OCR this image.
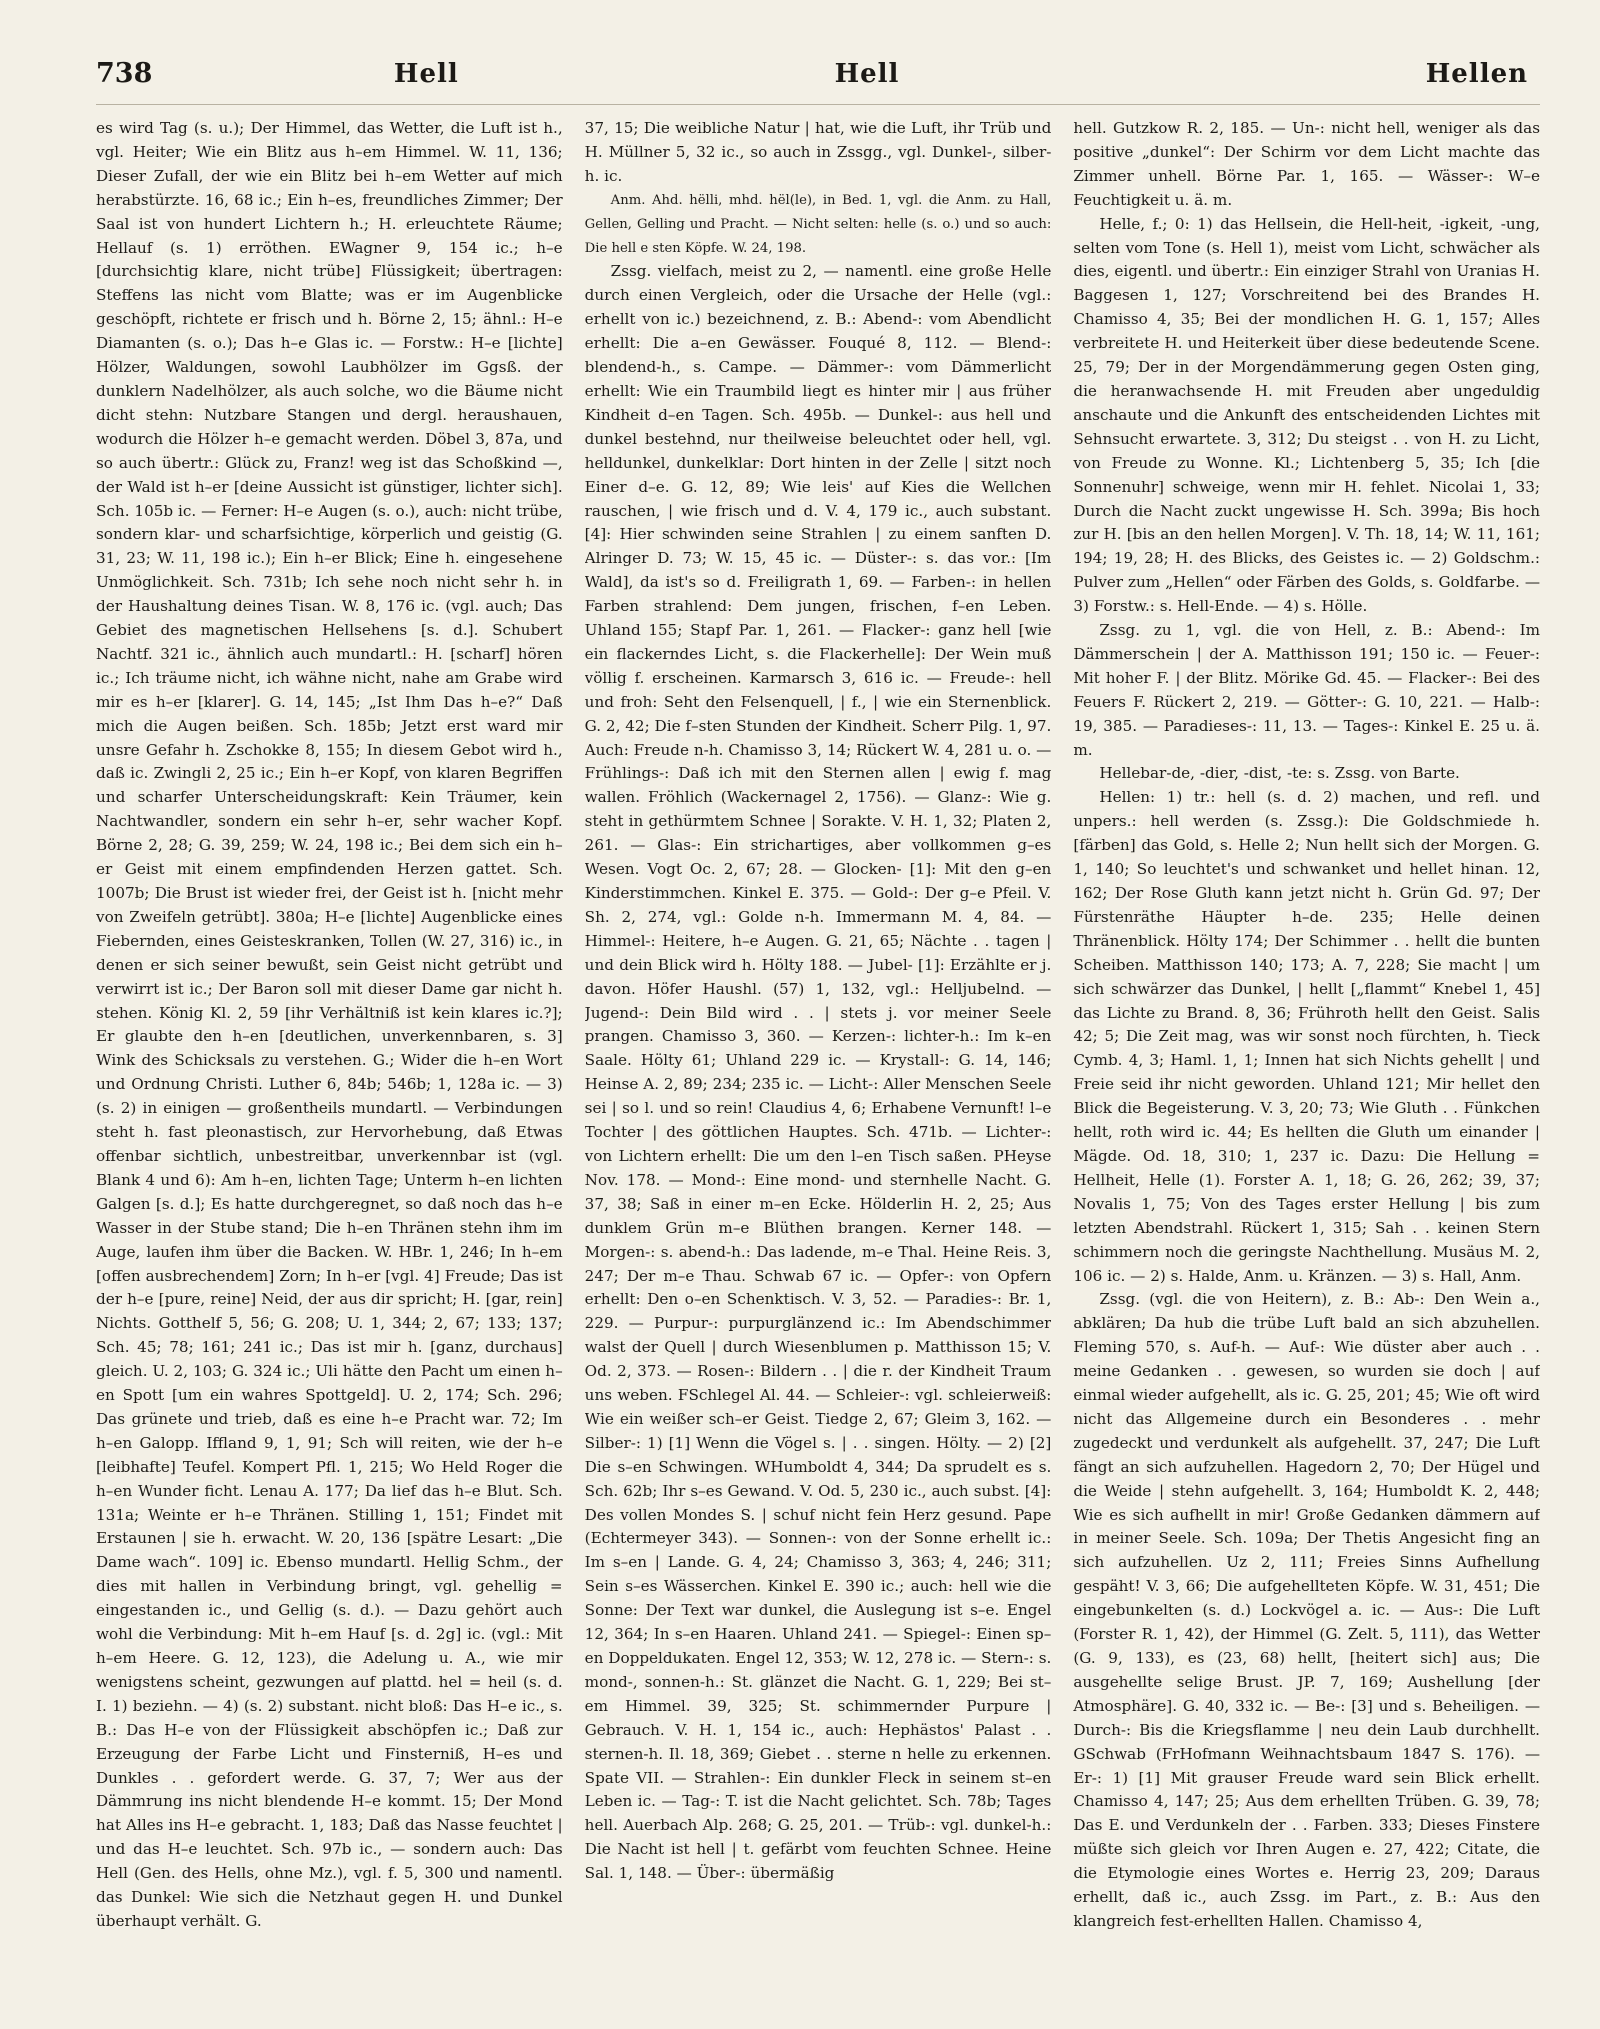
738	Hell	Hell	Hellen

es wird Tag (s. u.); Der Himmel, das Wetter, die Luft ist h., vgl. Heiter; Wie ein Blitz aus h–em Himmel. W. 11, 136; Dieser Zufall, der wie ein Blitz bei h–em Wetter auf mich herabstürzte. 16, 68 ic.; Ein h–es, freundliches Zimmer; Der Saal ist von hundert Lichtern h.; H. erleuchtete Räume; Hellauf (s. 1) erröthen. EWagner 9, 154 ic.; h–e [durchsichtig klare, nicht trübe] Flüssigkeit; übertragen: Steffens las nicht vom Blatte; was er im Augenblicke geschöpft, richtete er frisch und h. Börne 2, 15; ähnl.: H–e Diamanten (s. o.); Das h–e Glas ic. — Forstw.: H–e [lichte] Hölzer, Waldungen, sowohl Laubhölzer im Ggsß. der dunklern Nadelhölzer, als auch solche, wo die Bäume nicht dicht stehn: Nutzbare Stangen und dergl. heraushauen, wodurch die Hölzer h–e gemacht werden. Döbel 3, 87a, und so auch übertr.: Glück zu, Franz! weg ist das Schoßkind —, der Wald ist h–er [deine Aussicht ist günstiger, lichter sich]. Sch. 105b ic. — Ferner: H–e Augen (s. o.), auch: nicht trübe, sondern klar- und scharfsichtige, körperlich und geistig (G. 31, 23; W. 11, 198 ic.); Ein h–er Blick; Eine h. eingesehene Unmöglichkeit. Sch. 731b; Ich sehe noch nicht sehr h. in der Haushaltung deines Tisan. W. 8, 176 ic. (vgl. auch; Das Gebiet des magnetischen Hellsehens [s. d.]. Schubert Nachtf. 321 ic., ähnlich auch mundartl.: H. [scharf] hören ic.; Ich träume nicht, ich wähne nicht, nahe am Grabe wird mir es h–er [klarer]. G. 14, 145; „Ist Ihm Das h–e?“ Daß mich die Augen beißen. Sch. 185b; Jetzt erst ward mir unsre Gefahr h. Zschokke 8, 155; In diesem Gebot wird h., daß ic. Zwingli 2, 25 ic.; Ein h–er Kopf, von klaren Begriffen und scharfer Unterscheidungskraft: Kein Träumer, kein Nachtwandler, sondern ein sehr h–er, sehr wacher Kopf. Börne 2, 28; G. 39, 259; W. 24, 198 ic.; Bei dem sich ein h–er Geist mit einem empfindenden Herzen gattet. Sch. 1007b; Die Brust ist wieder frei, der Geist ist h. [nicht mehr von Zweifeln getrübt]. 380a; H–e [lichte] Augenblicke eines Fiebernden, eines Geisteskranken, Tollen (W. 27, 316) ic., in denen er sich seiner bewußt, sein Geist nicht getrübt und verwirrt ist ic.; Der Baron soll mit dieser Dame gar nicht h. stehen. König Kl. 2, 59 [ihr Verhältniß ist kein klares ic.?]; Er glaubte den h–en [deutlichen, unverkennbaren, s. 3] Wink des Schicksals zu verstehen. G.; Wider die h–en Wort und Ordnung Christi. Luther 6, 84b; 546b; 1, 128a ic. — 3) (s. 2) in einigen — großentheils mundartl. — Verbindungen steht h. fast pleonastisch, zur Hervorhebung, daß Etwas offenbar sichtlich, unbestreitbar, unverkennbar ist (vgl. Blank 4 und 6): Am h–en, lichten Tage; Unterm h–en lichten Galgen [s. d.]; Es hatte durchgeregnet, so daß noch das h–e Wasser in der Stube stand; Die h–en Thränen stehn ihm im Auge, laufen ihm über die Backen. W. HBr. 1, 246; In h–em [offen ausbrechendem] Zorn; In h–er [vgl. 4] Freude; Das ist der h–e [pure, reine] Neid, der aus dir spricht; H. [gar, rein] Nichts. Gotthelf 5, 56; G. 208; U. 1, 344; 2, 67; 133; 137; Sch. 45; 78; 161; 241 ic.; Das ist mir h. [ganz, durchaus] gleich. U. 2, 103; G. 324 ic.; Uli hätte den Pacht um einen h–en Spott [um ein wahres Spottgeld]. U. 2, 174; Sch. 296; Das grünete und trieb, daß es eine h–e Pracht war. 72; Im h–en Galopp. Iffland 9, 1, 91; Sch will reiten, wie der h–e [leibhafte] Teufel. Kompert Pfl. 1, 215; Wo Held Roger die h–en Wunder ficht. Lenau A. 177; Da lief das h–e Blut. Sch. 131a; Weinte er h–e Thränen. Stilling 1, 151; Findet mit Erstaunen | sie h. erwacht. W. 20, 136 [spätre Lesart: „Die Dame wach“. 109] ic. Ebenso mundartl. Hellig Schm., der dies mit hallen in Verbindung bringt, vgl. gehellig = eingestanden ic., und Gellig (s. d.). — Dazu gehört auch wohl die Verbindung: Mit h–em Hauf [s. d. 2g] ic. (vgl.: Mit h–em Heere. G. 12, 123), die Adelung u. A., wie mir wenigstens scheint, gezwungen auf plattd. hel = heil (s. d. I. 1) beziehn. — 4) (s. 2) substant. nicht bloß: Das H–e ic., s. B.: Das H–e von der Flüssigkeit abschöpfen ic.; Daß zur Erzeugung der Farbe Licht und Finsterniß, H–es und Dunkles . . gefordert werde. G. 37, 7; Wer aus der Dämmrung ins nicht blendende H–e kommt. 15; Der Mond hat Alles ins H–e gebracht. 1, 183; Daß das Nasse feuchtet | und das H–e leuchtet. Sch. 97b ic., — sondern auch: Das Hell (Gen. des Hells, ohne Mz.), vgl. f. 5, 300 und namentl. das Dunkel: Wie sich die Netzhaut gegen H. und Dunkel überhaupt verhält. G.

37, 15; Die weibliche Natur | hat, wie die Luft, ihr Trüb und H. Müllner 5, 32 ic., so auch in Zssgg., vgl. Dunkel-, silber-h. ic.

Anm. Ahd. hëlli, mhd. hël(le), in Bed. 1, vgl. die Anm. zu Hall, Gellen, Gelling und Pracht. — Nicht selten: helle (s. o.) und so auch: Die hell e sten Köpfe. W. 24, 198.

Zssg. vielfach, meist zu 2, — namentl. eine große Helle durch einen Vergleich, oder die Ursache der Helle (vgl.: erhellt von ic.) bezeichnend, z. B.: Abend-: vom Abendlicht erhellt: Die a–en Gewässer. Fouqué 8, 112. — Blend-: blendend-h., s. Campe. — Dämmer-: vom Dämmerlicht erhellt: Wie ein Traumbild liegt es hinter mir | aus früher Kindheit d–en Tagen. Sch. 495b. — Dunkel-: aus hell und dunkel bestehnd, nur theilweise beleuchtet oder hell, vgl. helldunkel, dunkelklar: Dort hinten in der Zelle | sitzt noch Einer d–e. G. 12, 89; Wie leis' auf Kies die Wellchen rauschen, | wie frisch und d. V. 4, 179 ic., auch substant. [4]: Hier schwinden seine Strahlen | zu einem sanften D. Alringer D. 73; W. 15, 45 ic. — Düster-: s. das vor.: [Im Wald], da ist's so d. Freiligrath 1, 69. — Farben-: in hellen Farben strahlend: Dem jungen, frischen, f–en Leben. Uhland 155; Stapf Par. 1, 261. — Flacker-: ganz hell [wie ein flackerndes Licht, s. die Flackerhelle]: Der Wein muß völlig f. erscheinen. Karmarsch 3, 616 ic. — Freude-: hell und froh: Seht den Felsenquell, | f., | wie ein Sternenblick. G. 2, 42; Die f–sten Stunden der Kindheit. Scherr Pilg. 1, 97. Auch: Freude n-h. Chamisso 3, 14; Rückert W. 4, 281 u. o. — Frühlings-: Daß ich mit den Sternen allen | ewig f. mag wallen. Fröhlich (Wackernagel 2, 1756). — Glanz-: Wie g. steht in gethürmtem Schnee | Sorakte. V. H. 1, 32; Platen 2, 261. — Glas-: Ein strichartiges, aber vollkommen g–es Wesen. Vogt Oc. 2, 67; 28. — Glocken- [1]: Mit den g–en Kinderstimmchen. Kinkel E. 375. — Gold-: Der g–e Pfeil. V. Sh. 2, 274, vgl.: Golde n-h. Immermann M. 4, 84. — Himmel-: Heitere, h–e Augen. G. 21, 65; Nächte . . tagen | und dein Blick wird h. Hölty 188. — Jubel- [1]: Erzählte er j. davon. Höfer Haushl. (57) 1, 132, vgl.: Helljubelnd. — Jugend-: Dein Bild wird . . | stets j. vor meiner Seele prangen. Chamisso 3, 360. — Kerzen-: lichter-h.: Im k–en Saale. Hölty 61; Uhland 229 ic. — Krystall-: G. 14, 146; Heinse A. 2, 89; 234; 235 ic. — Licht-: Aller Menschen Seele sei | so l. und so rein! Claudius 4, 6; Erhabene Vernunft! l–e Tochter | des göttlichen Hauptes. Sch. 471b. — Lichter-: von Lichtern erhellt: Die um den l–en Tisch saßen. PHeyse Nov. 178. — Mond-: Eine mond- und sternhelle Nacht. G. 37, 38; Saß in einer m–en Ecke. Hölderlin H. 2, 25; Aus dunklem Grün m–e Blüthen brangen. Kerner 148. — Morgen-: s. abend-h.: Das ladende, m–e Thal. Heine Reis. 3, 247; Der m–e Thau. Schwab 67 ic. — Opfer-: von Opfern erhellt: Den o–en Schenktisch. V. 3, 52. — Paradies-: Br. 1, 229. — Purpur-: purpurglänzend ic.: Im Abendschimmer walst der Quell | durch Wiesenblumen p. Matthisson 15; V. Od. 2, 373. — Rosen-: Bildern . . | die r. der Kindheit Traum uns weben. FSchlegel Al. 44. — Schleier-: vgl. schleierweiß: Wie ein weißer sch–er Geist. Tiedge 2, 67; Gleim 3, 162. — Silber-: 1) [1] Wenn die Vögel s. | . . singen. Hölty. — 2) [2] Die s–en Schwingen. WHumboldt 4, 344; Da sprudelt es s. Sch. 62b; Ihr s–es Gewand. V. Od. 5, 230 ic., auch subst. [4]: Des vollen Mondes S. | schuf nicht fein Herz gesund. Pape (Echtermeyer 343). — Sonnen-: von der Sonne erhellt ic.: Im s–en | Lande. G. 4, 24; Chamisso 3, 363; 4, 246; 311; Sein s–es Wässerchen. Kinkel E. 390 ic.; auch: hell wie die Sonne: Der Text war dunkel, die Auslegung ist s–e. Engel 12, 364; In s–en Haaren. Uhland 241. — Spiegel-: Einen sp–en Doppeldukaten. Engel 12, 353; W. 12, 278 ic. — Stern-: s. mond-, sonnen-h.: St. glänzet die Nacht. G. 1, 229; Bei st–em Himmel. 39, 325; St. schimmernder Purpure | Gebrauch. V. H. 1, 154 ic., auch: Hephästos' Palast . . sternen-h. Il. 18, 369; Giebet . . sterne n helle zu erkennen. Spate VII. — Strahlen-: Ein dunkler Fleck in seinem st–en Leben ic. — Tag-: T. ist die Nacht gelichtet. Sch. 78b; Tages hell. Auerbach Alp. 268; G. 25, 201. — Trüb-: vgl. dunkel-h.: Die Nacht ist hell | t. gefärbt vom feuchten Schnee. Heine Sal. 1, 148. — Über-: übermäßig

hell. Gutzkow R. 2, 185. — Un-: nicht hell, weniger als das positive „dunkel“: Der Schirm vor dem Licht machte das Zimmer unhell. Börne Par. 1, 165. — Wässer-: W–e Feuchtigkeit u. ä. m.

Helle, f.; 0: 1) das Hellsein, die Hell-heit, -igkeit, -ung, selten vom Tone (s. Hell 1), meist vom Licht, schwächer als dies, eigentl. und übertr.: Ein einziger Strahl von Uranias H. Baggesen 1, 127; Vorschreitend bei des Brandes H. Chamisso 4, 35; Bei der mondlichen H. G. 1, 157; Alles verbreitete H. und Heiterkeit über diese bedeutende Scene. 25, 79; Der in der Morgendämmerung gegen Osten ging, die heranwachsende H. mit Freuden aber ungeduldig anschaute und die Ankunft des entscheidenden Lichtes mit Sehnsucht erwartete. 3, 312; Du steigst . . von H. zu Licht, von Freude zu Wonne. Kl.; Lichtenberg 5, 35; Ich [die Sonnenuhr] schweige, wenn mir H. fehlet. Nicolai 1, 33; Durch die Nacht zuckt ungewisse H. Sch. 399a; Bis hoch zur H. [bis an den hellen Morgen]. V. Th. 18, 14; W. 11, 161; 194; 19, 28; H. des Blicks, des Geistes ic. — 2) Goldschm.: Pulver zum „Hellen“ oder Färben des Golds, s. Goldfarbe. — 3) Forstw.: s. Hell-Ende. — 4) s. Hölle.

Zssg. zu 1, vgl. die von Hell, z. B.: Abend-: Im Dämmerschein | der A. Matthisson 191; 150 ic. — Feuer-: Mit hoher F. | der Blitz. Mörike Gd. 45. — Flacker-: Bei des Feuers F. Rückert 2, 219. — Götter-: G. 10, 221. — Halb-: 19, 385. — Paradieses-: 11, 13. — Tages-: Kinkel E. 25 u. ä. m.

Hellebar-de, -dier, -dist, -te: s. Zssg. von Barte.

Hellen: 1) tr.: hell (s. d. 2) machen, und refl. und unpers.: hell werden (s. Zssg.): Die Goldschmiede h. [färben] das Gold, s. Helle 2; Nun hellt sich der Morgen. G. 1, 140; So leuchtet's und schwanket und hellet hinan. 12, 162; Der Rose Gluth kann jetzt nicht h. Grün Gd. 97; Der Fürstenräthe Häupter h–de. 235; Helle deinen Thränenblick. Hölty 174; Der Schimmer . . hellt die bunten Scheiben. Matthisson 140; 173; A. 7, 228; Sie macht | um sich schwärzer das Dunkel, | hellt [„flammt“ Knebel 1, 45] das Lichte zu Brand. 8, 36; Frühroth hellt den Geist. Salis 42; 5; Die Zeit mag, was wir sonst noch fürchten, h. Tieck Cymb. 4, 3; Haml. 1, 1; Innen hat sich Nichts gehellt | und Freie seid ihr nicht geworden. Uhland 121; Mir hellet den Blick die Begeisterung. V. 3, 20; 73; Wie Gluth . . Fünkchen hellt, roth wird ic. 44; Es hellten die Gluth um einander | Mägde. Od. 18, 310; 1, 237 ic. Dazu: Die Hellung = Hellheit, Helle (1). Forster A. 1, 18; G. 26, 262; 39, 37; Novalis 1, 75; Von des Tages erster Hellung | bis zum letzten Abendstrahl. Rückert 1, 315; Sah . . keinen Stern schimmern noch die geringste Nachthellung. Musäus M. 2, 106 ic. — 2) s. Halde, Anm. u. Kränzen. — 3) s. Hall, Anm.

Zssg. (vgl. die von Heitern), z. B.: Ab-: Den Wein a., abklären; Da hub die trübe Luft bald an sich abzuhellen. Fleming 570, s. Auf-h. — Auf-: Wie düster aber auch . . meine Gedanken . . gewesen, so wurden sie doch | auf einmal wieder aufgehellt, als ic. G. 25, 201; 45; Wie oft wird nicht das Allgemeine durch ein Besonderes . . mehr zugedeckt und verdunkelt als aufgehellt. 37, 247; Die Luft fängt an sich aufzuhellen. Hagedorn 2, 70; Der Hügel und die Weide | stehn aufgehellt. 3, 164; Humboldt K. 2, 448; Wie es sich aufhellt in mir! Große Gedanken dämmern auf in meiner Seele. Sch. 109a; Der Thetis Angesicht fing an sich aufzuhellen. Uz 2, 111; Freies Sinns Aufhellung gespäht! V. 3, 66; Die aufgehellteten Köpfe. W. 31, 451; Die eingebunkelten (s. d.) Lockvögel a. ic. — Aus-: Die Luft (Forster R. 1, 42), der Himmel (G. Zelt. 5, 111), das Wetter (G. 9, 133), es (23, 68) hellt, [heitert sich] aus; Die ausgehellte selige Brust. JP. 7, 169; Aushellung [der Atmosphäre]. G. 40, 332 ic. — Be-: [3] und s. Beheiligen. — Durch-: Bis die Kriegsflamme | neu dein Laub durchhellt. GSchwab (FrHofmann Weihnachtsbaum 1847 S. 176). — Er-: 1) [1] Mit grauser Freude ward sein Blick erhellt. Chamisso 4, 147; 25; Aus dem erhellten Trüben. G. 39, 78; Das E. und Verdunkeln der . . Farben. 333; Dieses Finstere müßte sich gleich vor Ihren Augen e. 27, 422; Citate, die die Etymologie eines Wortes e. Herrig 23, 209; Daraus erhellt, daß ic., auch Zssg. im Part., z. B.: Aus den klangreich fest-erhellten Hallen. Chamisso 4,
